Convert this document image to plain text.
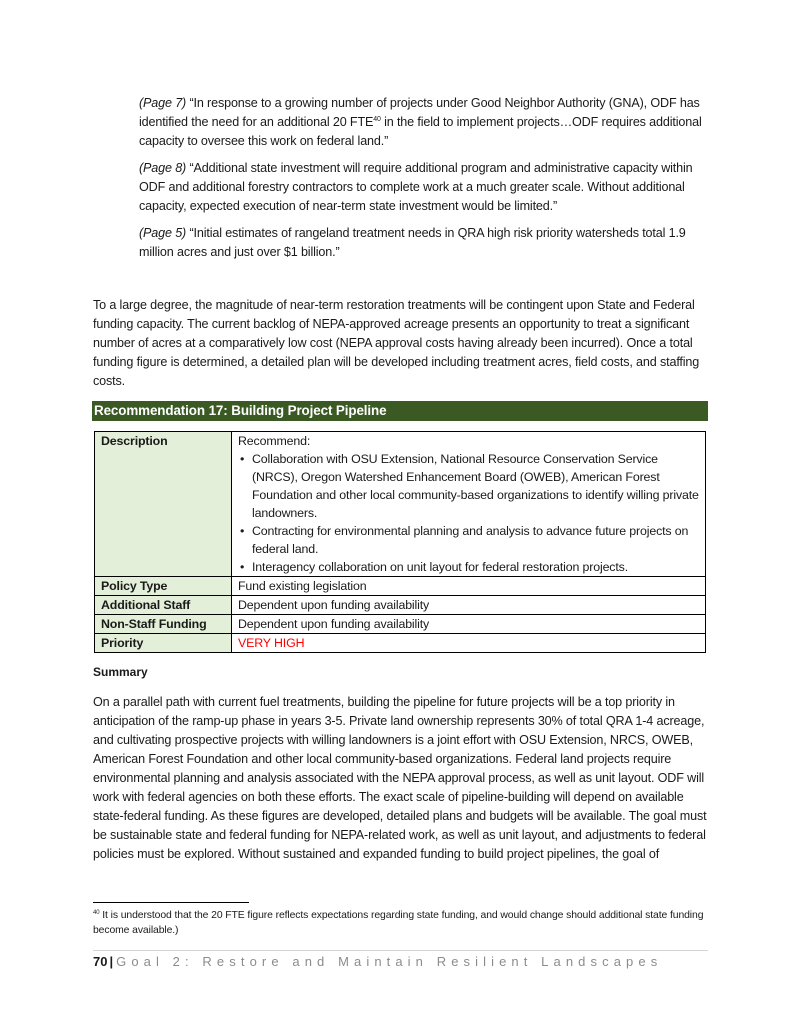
(Page 7) “In response to a growing number of projects under Good Neighbor Authority (GNA), ODF has identified the need for an additional 20 FTE$^{40}$ in the field to implement projects…ODF requires additional capacity to oversee this work on federal land.”

(Page 8) “Additional state investment will require additional program and administrative capacity within ODF and additional forestry contractors to complete work at a much greater scale. Without additional capacity, expected execution of near-term state investment would be limited.”

(Page 5) “Initial estimates of rangeland treatment needs in QRA high risk priority watersheds total 1.9 million acres and just over $1 billion.”

To a large degree, the magnitude of near-term restoration treatments will be contingent upon State and Federal funding capacity. The current backlog of NEPA-approved acreage presents an opportunity to treat a significant number of acres at a comparatively low cost (NEPA approval costs having already been incurred). Once a total funding figure is determined, a detailed plan will be developed including treatment acres, field costs, and staffing costs.

Recommendation 17: Building Project Pipeline
Description	Recommend:
• Collaboration with OSU Extension, National Resource Conservation Service (NRCS), Oregon Watershed Enhancement Board (OWEB), American Forest Foundation and other local community-based organizations to identify willing private landowners.
• Contracting for environmental planning and analysis to advance future projects on federal land.
• Interagency collaboration on unit layout for federal restoration projects.

Policy Type	Fund existing legislation
Additional Staff	Dependent upon funding availability
Non-Staff Funding	Dependent upon funding availability
Priority	VERY HIGH

Summary

On a parallel path with current fuel treatments, building the pipeline for future projects will be a top priority in anticipation of the ramp-up phase in years 3-5. Private land ownership represents 30% of total QRA 1-4 acreage, and cultivating prospective projects with willing landowners is a joint effort with OSU Extension, NRCS, OWEB, American Forest Foundation and other local community-based organizations. Federal land projects require environmental planning and analysis associated with the NEPA approval process, as well as unit layout. ODF will work with federal agencies on both these efforts. The exact scale of pipeline-building will depend on available state-federal funding. As these figures are developed, detailed plans and budgets will be available. The goal must be sustainable state and federal funding for NEPA-related work, as well as unit layout, and adjustments to federal policies must be explored. Without sustained and expanded funding to build project pipelines, the goal of

$^{40}$ It is understood that the 20 FTE figure reflects expectations regarding state funding, and would change should additional state funding become available.)

70 | Goal 2: Restore and Maintain Resilient Landscapes
